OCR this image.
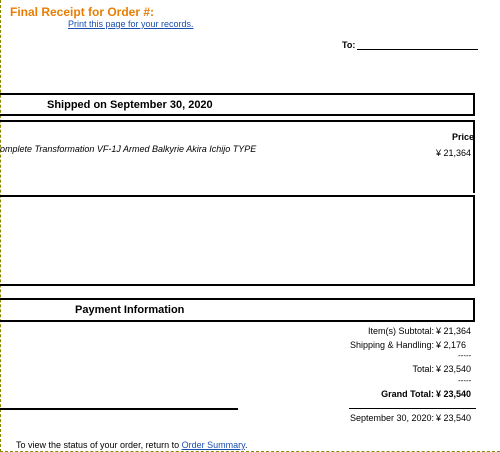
Final Receipt for Order #:
Print this page for your records.
To:
Shipped on September 30, 2020
Price
omplete Transformation VF-1J Armed Balkyrie Akira Ichijo TYPE	¥ 21,364
Payment Information
Item(s) Subtotal: ¥ 21,364
Shipping & Handling: ¥ 2,176
-----
Total: ¥ 23,540
-----
Grand Total: ¥ 23,540
September 30, 2020: ¥ 23,540
To view the status of your order, return to Order Summary.
